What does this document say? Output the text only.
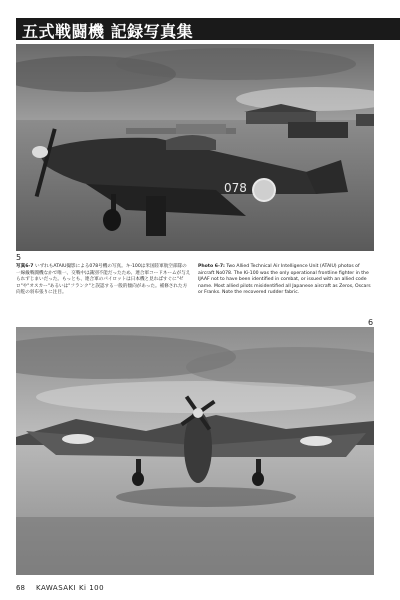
五式戦闘機 記録写真集
078
5
写真6-7 いずれもATAIU撮影による078号機の写真。キ-100は米国陸軍航空部隊の一線級戦闘機なかで唯一、交戦中は識別不能だったため、連合軍コードネームが与えられずじまいだった。もっとも、連合軍のパイロットは日本機と見ればすぐに"ゼロ"や"オスカー"あるいは"フランク"と誤認する一般的傾向があった。補修された方向舵の羽布張りに注目。
Photo 6-7: Two Allied Technical Air Intelligence Unit (ATAIU) photos of aircraft No078. The Ki-100 was the only operational frontline fighter in the IJAAF not to have been identified in combat, or issued with an allied code name. Most allied pilots misidentified all Japanese aircraft as Zeros, Oscars or Franks. Note the recovered rudder fabric.
6
68 KAWASAKI Ki 100
